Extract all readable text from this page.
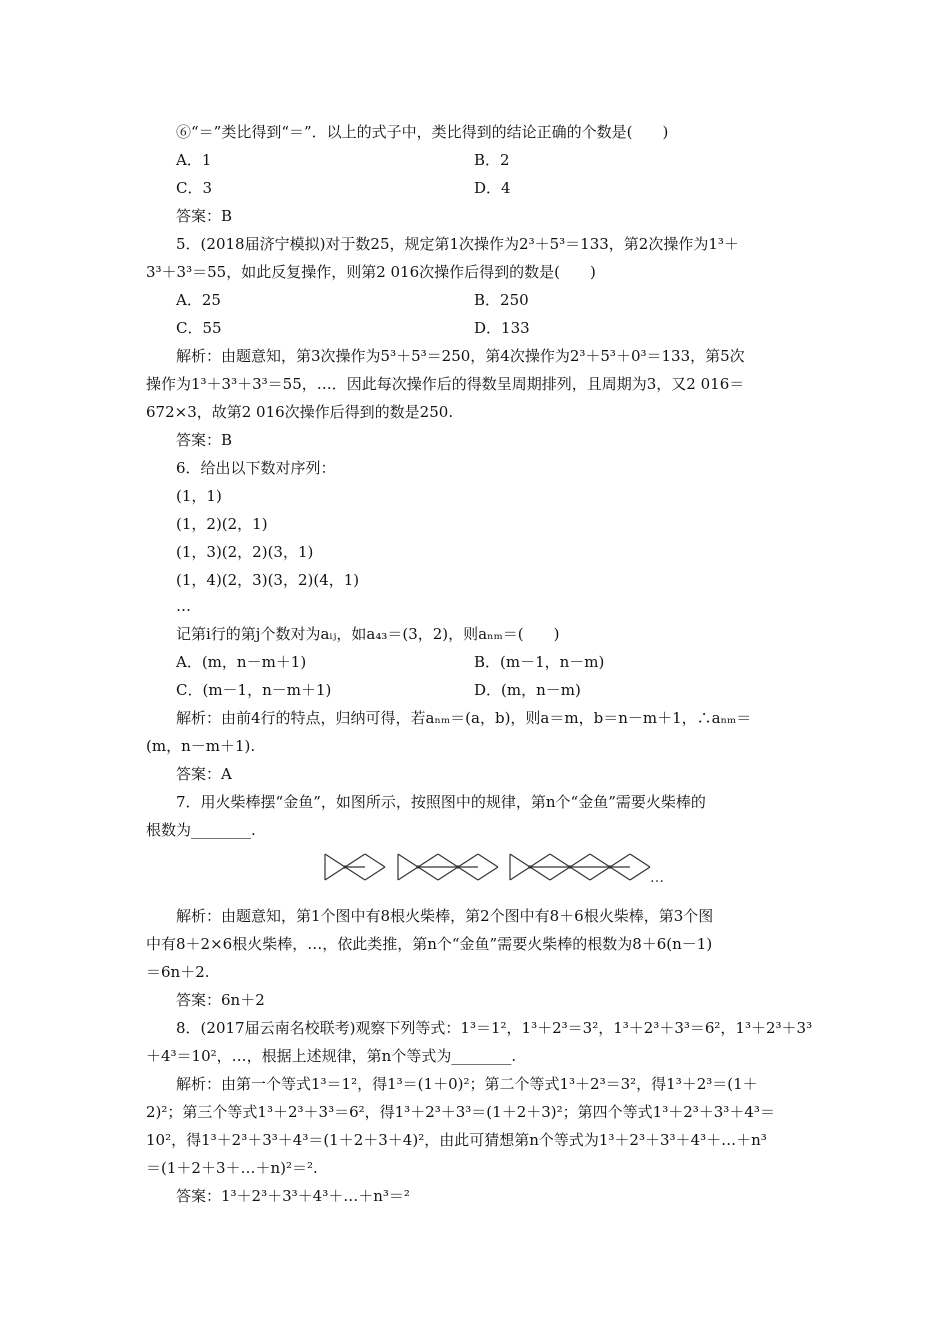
⑥“＝”类比得到“＝”．以上的式子中，类比得到的结论正确的个数是(　　)
A．1	B．2
C．3	D．4
答案：B
5．(2018届济宁模拟)对于数25，规定第1次操作为2³＋5³＝133，第2次操作为1³＋
3³＋3³＝55，如此反复操作，则第2 016次操作后得到的数是(　　)
A．25	B．250
C．55	D．133
解析：由题意知，第3次操作为5³＋5³＝250，第4次操作为2³＋5³＋0³＝133，第5次
操作为1³＋3³＋3³＝55，…．因此每次操作后的得数呈周期排列，且周期为3，又2 016＝
672×3，故第2 016次操作后得到的数是250.
答案：B
6．给出以下数对序列：
(1，1)
(1，2)(2，1)
(1，3)(2，2)(3，1)
(1，4)(2，3)(3，2)(4，1)
…
记第i行的第j个数对为aᵢⱼ，如a₄₃＝(3，2)，则aₙₘ＝(　　)
A．(m，n－m＋1)	B．(m－1，n－m)
C．(m－1，n－m＋1)	D．(m，n－m)
解析：由前4行的特点，归纳可得，若aₙₘ＝(a，b)，则a＝m，b＝n－m＋1，∴aₙₘ＝
(m，n－m＋1).
答案：A
7．用火柴棒摆“金鱼”，如图所示，按照图中的规律，第n个“金鱼”需要火柴棒的
根数为________.
…
解析：由题意知，第1个图中有8根火柴棒，第2个图中有8＋6根火柴棒，第3个图
中有8＋2×6根火柴棒，…，依此类推，第n个“金鱼”需要火柴棒的根数为8＋6(n－1)
＝6n＋2.
答案：6n＋2
8．(2017届云南名校联考)观察下列等式：1³＝1²，1³＋2³＝3²，1³＋2³＋3³＝6²，1³＋2³＋3³
＋4³＝10²，…，根据上述规律，第n个等式为________.
解析：由第一个等式1³＝1²，得1³＝(1＋0)²；第二个等式1³＋2³＝3²，得1³＋2³＝(1＋
2)²；第三个等式1³＋2³＋3³＝6²，得1³＋2³＋3³＝(1＋2＋3)²；第四个等式1³＋2³＋3³＋4³＝
10²，得1³＋2³＋3³＋4³＝(1＋2＋3＋4)²，由此可猜想第n个等式为1³＋2³＋3³＋4³＋…＋n³
＝(1＋2＋3＋…＋n)²＝².
答案：1³＋2³＋3³＋4³＋…＋n³＝²
